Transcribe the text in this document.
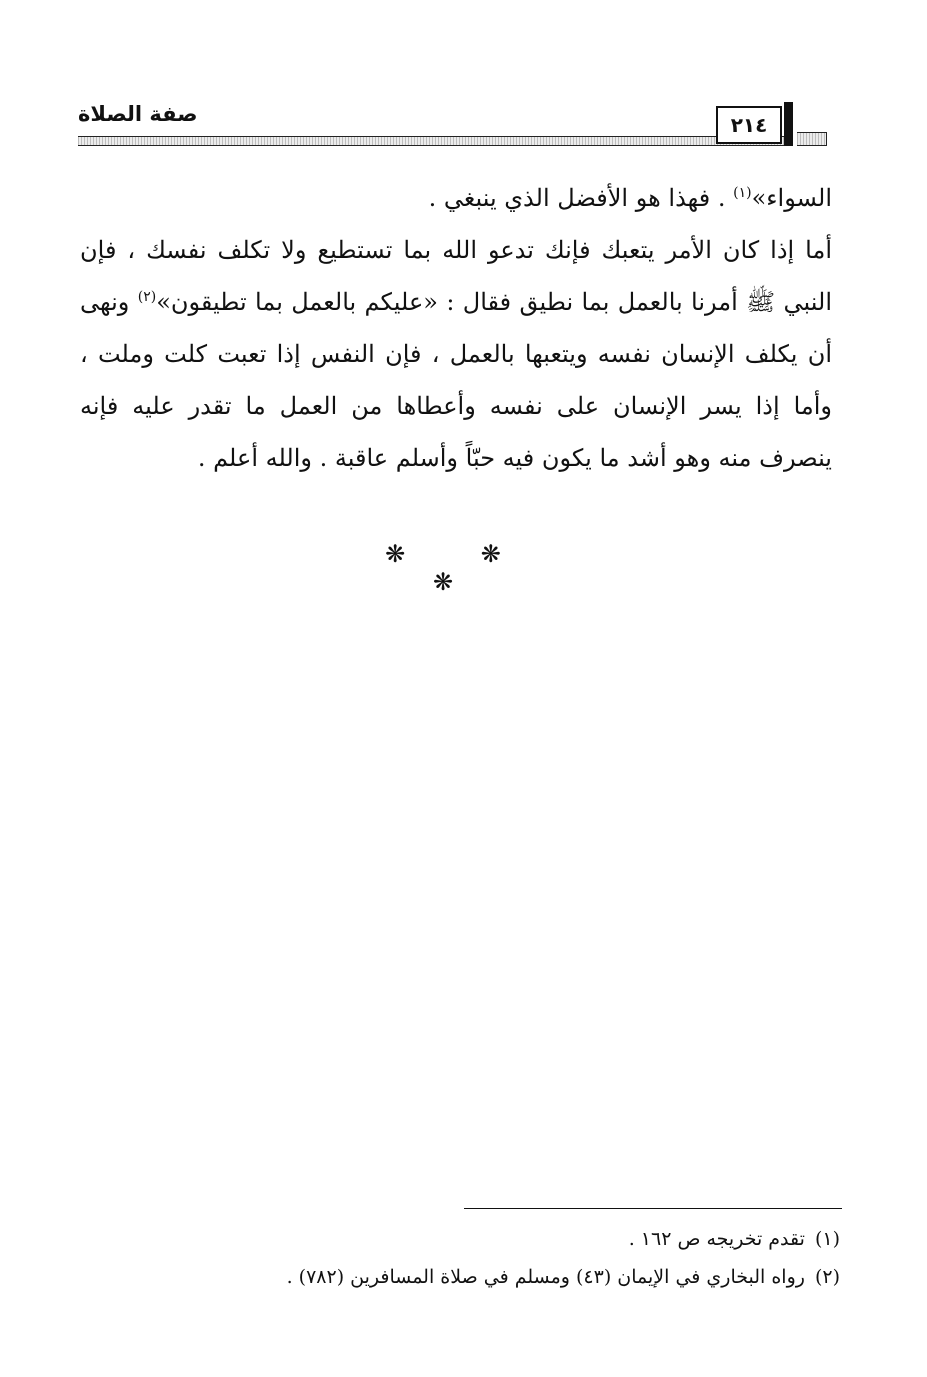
صفة الصلاة	٢١٤

السواء»$^{(١)}$ . فهذا هو الأفضل الذي ينبغي .

أما إذا كان الأمر يتعبك فإنك تدعو الله بما تستطيع ولا تكلف نفسك ، فإن النبي ﷺ أمرنا بالعمل بما نطيق فقال : «عليكم بالعمل بما تطيقون»$^{(٢)}$ ونهى أن يكلف الإنسان نفسه ويتعبها بالعمل ، فإن النفس إذا تعبت كلت وملت ، وأما إذا يسر الإنسان على نفسه وأعطاها من العمل ما تقدر عليه فإنه ينصرف منه وهو أشد ما يكون فيه حبّاً وأسلم عاقبة . والله أعلم .

❋ ❋ ❋
(١)تقدم تخريجه ص ١٦٢ .
(٢)رواه البخاري في الإيمان (٤٣) ومسلم في صلاة المسافرين (٧٨٢) .
